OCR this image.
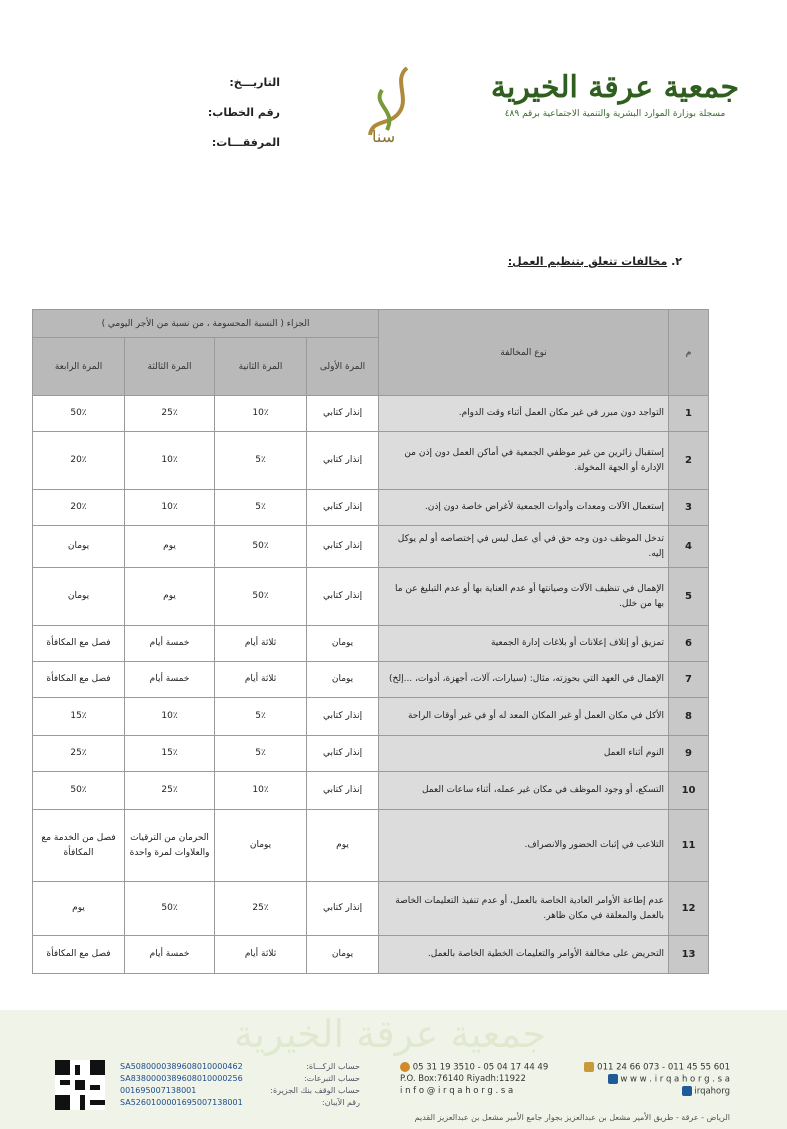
جمعية عرقة الخيرية
مسجلة بوزارة الموارد البشرية والتنمية الاجتماعية برقم ٤٨٩
سنا
التاريـــخ:
رقم الخطاب:
المرفقـــات:
٢. مخالفات تتعلق بتنظيم العمل:
م	نوع المخالفة	الجزاء ( النسبة المحسومة ، من نسبة من الأجر اليومي )			
		المرة الأولى	المرة الثانية	المرة الثالثة	المرة الرابعة
1	التواجد دون مبرر في غير مكان العمل أثناء وقت الدوام.	إنذار كتابي	10٪	25٪	50٪
2	إستقبال زائرين من غير موظفي الجمعية في أماكن العمل دون إذن من الإدارة أو الجهة المخولة.	إنذار كتابي	5٪	10٪	20٪
3	إستعمال الآلات ومعدات وأدوات الجمعية لأغراض خاصة دون إذن.	إنذار كتابي	5٪	10٪	20٪
4	تدخل الموظف دون وجه حق في أي عمل ليس في إختصاصه أو لم يوكل إليه.	إنذار كتابي	50٪	يوم	يومان
5	الإهمال في تنظيف الآلات وصيانتها أو عدم العناية بها أو عدم التبليغ عن ما بها من خلل.	إنذار كتابي	50٪	يوم	يومان
6	تمزيق أو إتلاف إعلانات أو بلاغات إدارة الجمعية	يومان	ثلاثة أيام	خمسة أيام	فصل مع المكافأة
7	الإهمال في العهد التي بحوزته، مثال: (سيارات، آلات، أجهزة، أدوات، ...إلخ)	يومان	ثلاثة أيام	خمسة أيام	فصل مع المكافأة
8	الأكل في مكان العمل أو غير المكان المعد له أو في غير أوقات الراحة	إنذار كتابي	5٪	10٪	15٪
9	النوم أثناء العمل	إنذار كتابي	5٪	15٪	25٪
10	التسكع، أو وجود الموظف في مكان غير عمله، أثناء ساعات العمل	إنذار كتابي	10٪	25٪	50٪
11	التلاعب في إثبات الحضور والانصراف.	يوم	يومان	الحرمان من الترقيات والعلاوات لمرة واحدة	فصل من الخدمة مع المكافأة
12	عدم إطاعة الأوامر العادية الخاصة بالعمل، أو عدم تنفيذ التعليمات الخاصة بالعمل والمعلقة في مكان ظاهر.	إنذار كتابي	25٪	50٪	يوم
13	التحريض على مخالفة الأوامر والتعليمات الخطية الخاصة بالعمل.	يومان	ثلاثة أيام	خمسة أيام	فصل مع المكافأة
جمعية عرقة الخيرية
حساب الزكـــاة:
SA5080000389608010000462
حساب التبرعات:
SA8380000389608010000256
حساب الوقف بنك الجزيرة:
001695007138001
رقم الآيبان:
SA5260100001695007138001
05 31 19 3510 - 05 04 17 44 49	011 24 66 073 - 011 45 55 601
P.O. Box:76140 Riyadh:11922	w w w . i r q a h o r g . s a
i n f o @ i r q a h o r g . s a	irqahorg
الرياض - عرقة - طريق الأمير مشعل بن عبدالعزيز بجوار جامع الأمير مشعل بن عبدالعزيز القديم
